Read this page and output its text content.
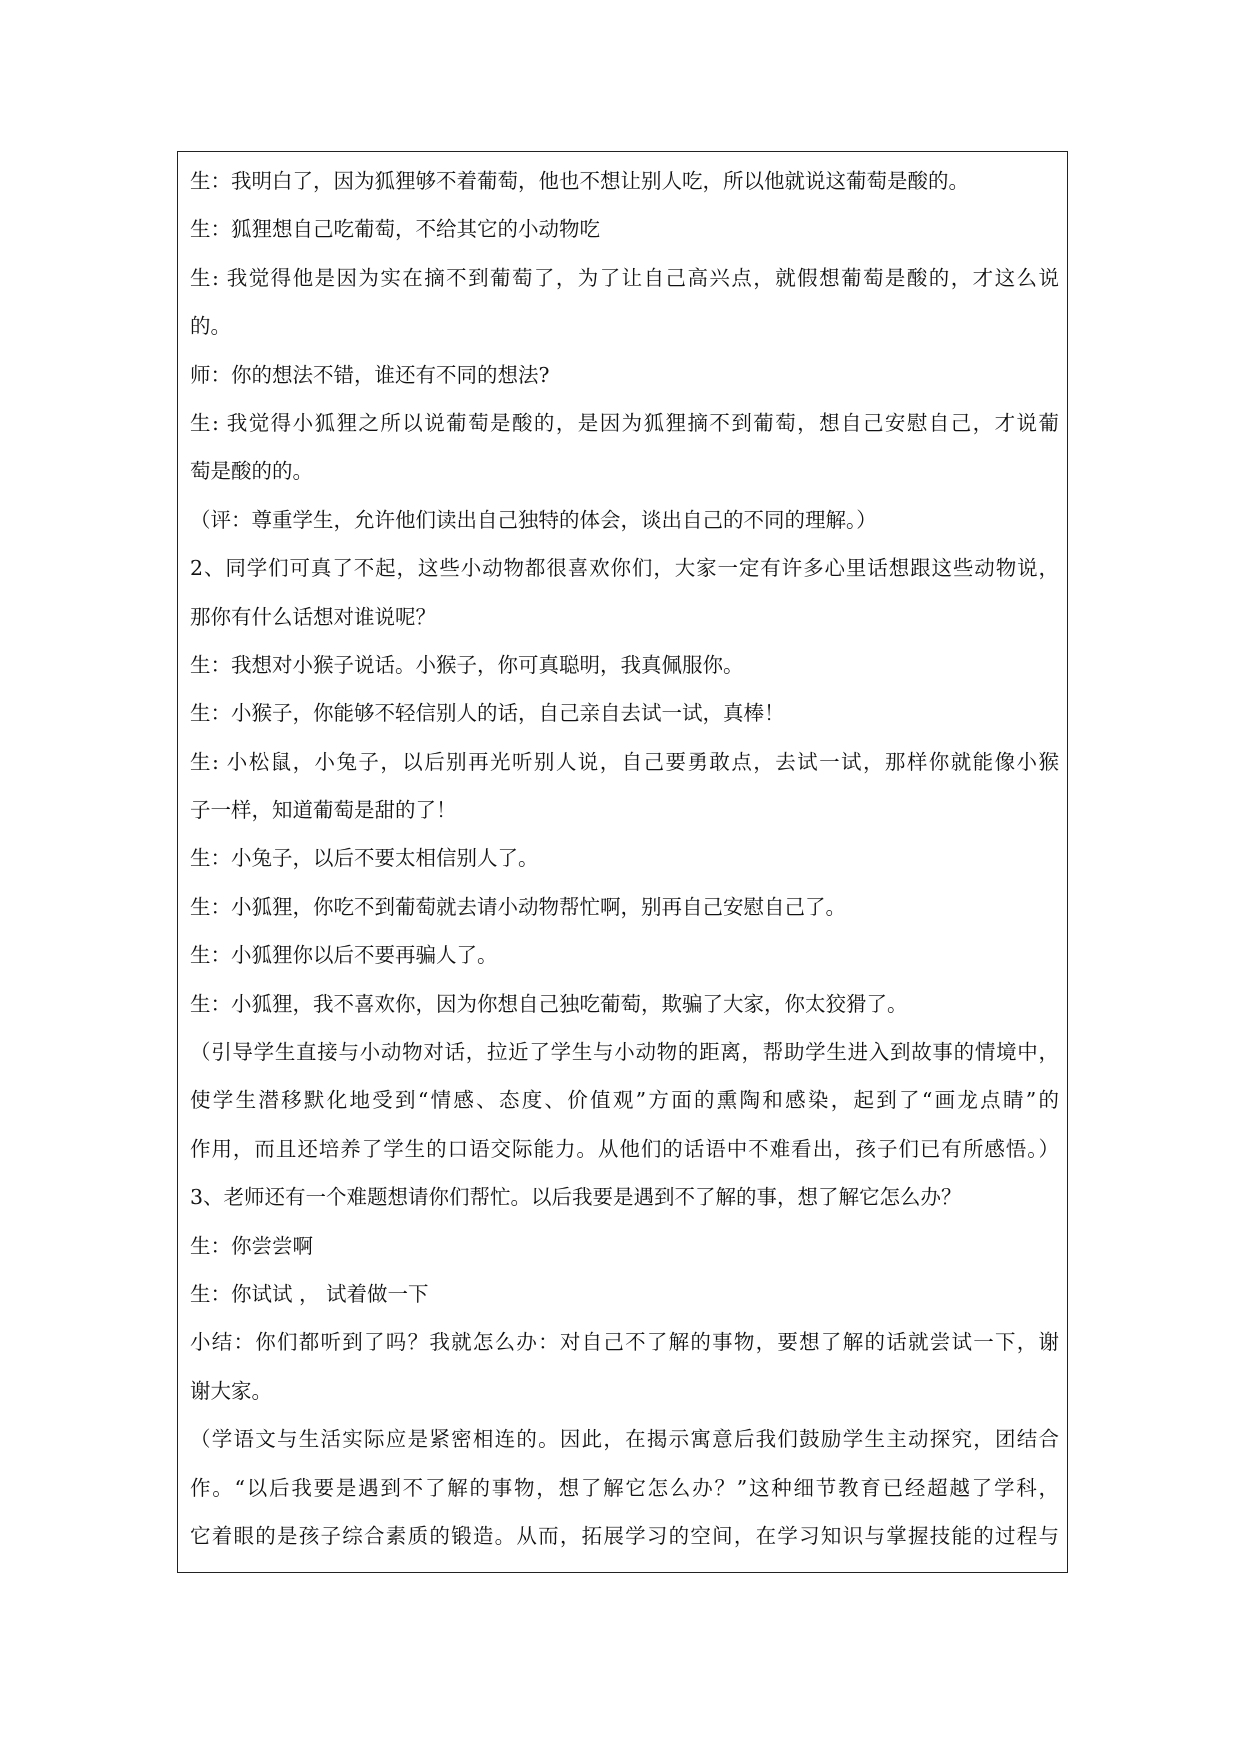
生：我明白了，因为狐狸够不着葡萄，他也不想让别人吃，所以他就说这葡萄是酸的。
生：狐狸想自己吃葡萄，不给其它的小动物吃
生: 我觉得他是因为实在摘不到葡萄了，为了让自己高兴点，就假想葡萄是酸的，才这么说
的。
师：你的想法不错，谁还有不同的想法?
生: 我觉得小狐狸之所以说葡萄是酸的，是因为狐狸摘不到葡萄，想自己安慰自己，才说葡
萄是酸的的。
（评：尊重学生，允许他们读出自己独特的体会，谈出自己的不同的理解。）
2、同学们可真了不起，这些小动物都很喜欢你们，大家一定有许多心里话想跟这些动物说，
那你有什么话想对谁说呢？
生：我想对小猴子说话。小猴子，你可真聪明，我真佩服你。
生：小猴子，你能够不轻信别人的话，自己亲自去试一试，真棒！
生: 小松鼠，小兔子，以后别再光听别人说，自己要勇敢点，去试一试，那样你就能像小猴
子一样，知道葡萄是甜的了！
生：小兔子，以后不要太相信别人了。
生：小狐狸，你吃不到葡萄就去请小动物帮忙啊，别再自己安慰自己了。
生：小狐狸你以后不要再骗人了。
生：小狐狸，我不喜欢你，因为你想自己独吃葡萄，欺骗了大家，你太狡猾了。
（引导学生直接与小动物对话，拉近了学生与小动物的距离，帮助学生进入到故事的情境中，
使学生潜移默化地受到“情感、态度、价值观”方面的熏陶和感染，起到了“画龙点睛”的
作用，而且还培养了学生的口语交际能力。从他们的话语中不难看出，孩子们已有所感悟。）
3、老师还有一个难题想请你们帮忙。以后我要是遇到不了解的事，想了解它怎么办？
生：你尝尝啊
生：你试试 ， 试着做一下
小结：你们都听到了吗？我就怎么办：对自己不了解的事物，要想了解的话就尝试一下，谢
谢大家。
（学语文与生活实际应是紧密相连的。因此，在揭示寓意后我们鼓励学生主动探究，团结合
作。“以后我要是遇到不了解的事物，想了解它怎么办？”这种细节教育已经超越了学科，
它着眼的是孩子综合素质的锻造。从而，拓展学习的空间，在学习知识与掌握技能的过程与
